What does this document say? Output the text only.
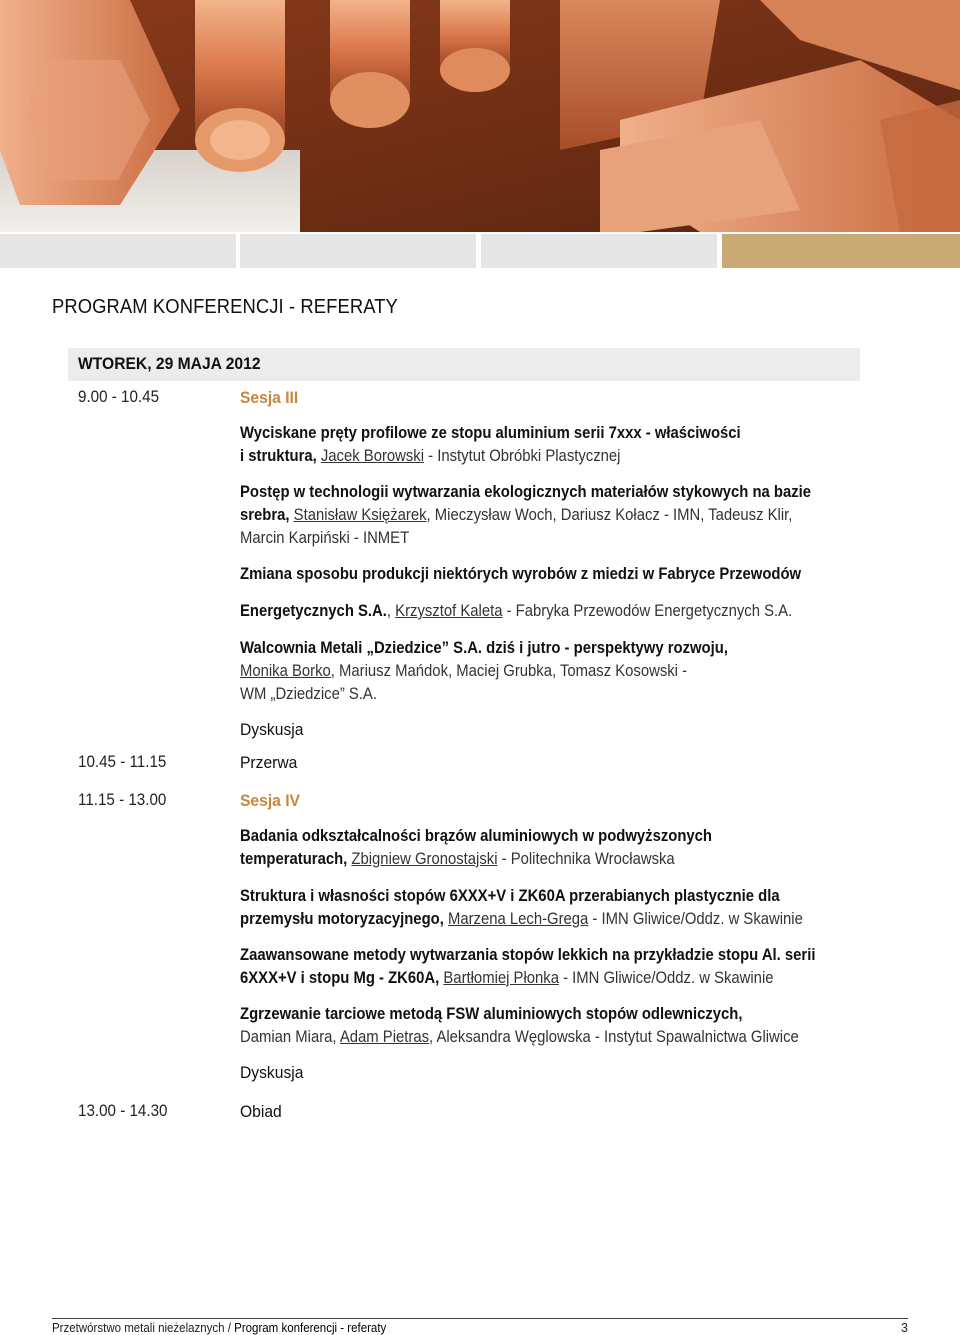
PROGRAM KONFERENCJI - REFERATY
WTOREK, 29 MAJA 2012
9.00 - 10.45
10.45 - 11.15
11.15 - 13.00
13.00 - 14.30
Sesja III
Wyciskane pręty profilowe ze stopu aluminium serii 7xxx - właściwości
i struktura, Jacek Borowski - Instytut Obróbki Plastycznej
Postęp w technologii wytwarzania ekologicznych materiałów stykowych na bazie
srebra, Stanisław Księżarek, Mieczysław Woch, Dariusz Kołacz - IMN, Tadeusz Klir,
Marcin Karpiński - INMET
Zmiana sposobu produkcji niektórych wyrobów z miedzi w Fabryce Przewodów
Energetycznych S.A., Krzysztof Kaleta - Fabryka Przewodów Energetycznych S.A.
Walcownia Metali „Dziedzice” S.A. dziś i jutro - perspektywy rozwoju,
Monika Borko, Mariusz Mańdok, Maciej Grubka, Tomasz Kosowski -
WM „Dziedzice” S.A.
Dyskusja
Przerwa
Sesja IV
Badania odkształcalności brązów aluminiowych w podwyższonych
temperaturach, Zbigniew Gronostajski - Politechnika Wrocławska
Struktura i własności stopów 6XXX+V i ZK60A przerabianych plastycznie dla
przemysłu motoryzacyjnego, Marzena Lech-Grega - IMN Gliwice/Oddz. w Skawinie
Zaawansowane metody wytwarzania stopów lekkich na przykładzie stopu Al. serii
6XXX+V i stopu Mg - ZK60A, Bartłomiej Płonka - IMN Gliwice/Oddz. w Skawinie
Zgrzewanie tarciowe metodą FSW aluminiowych stopów odlewniczych,
Damian Miara, Adam Pietras, Aleksandra Węglowska - Instytut Spawalnictwa Gliwice
Dyskusja
Obiad
Przetwórstwo metali nieżelaznych / Program konferencji - referaty	3
